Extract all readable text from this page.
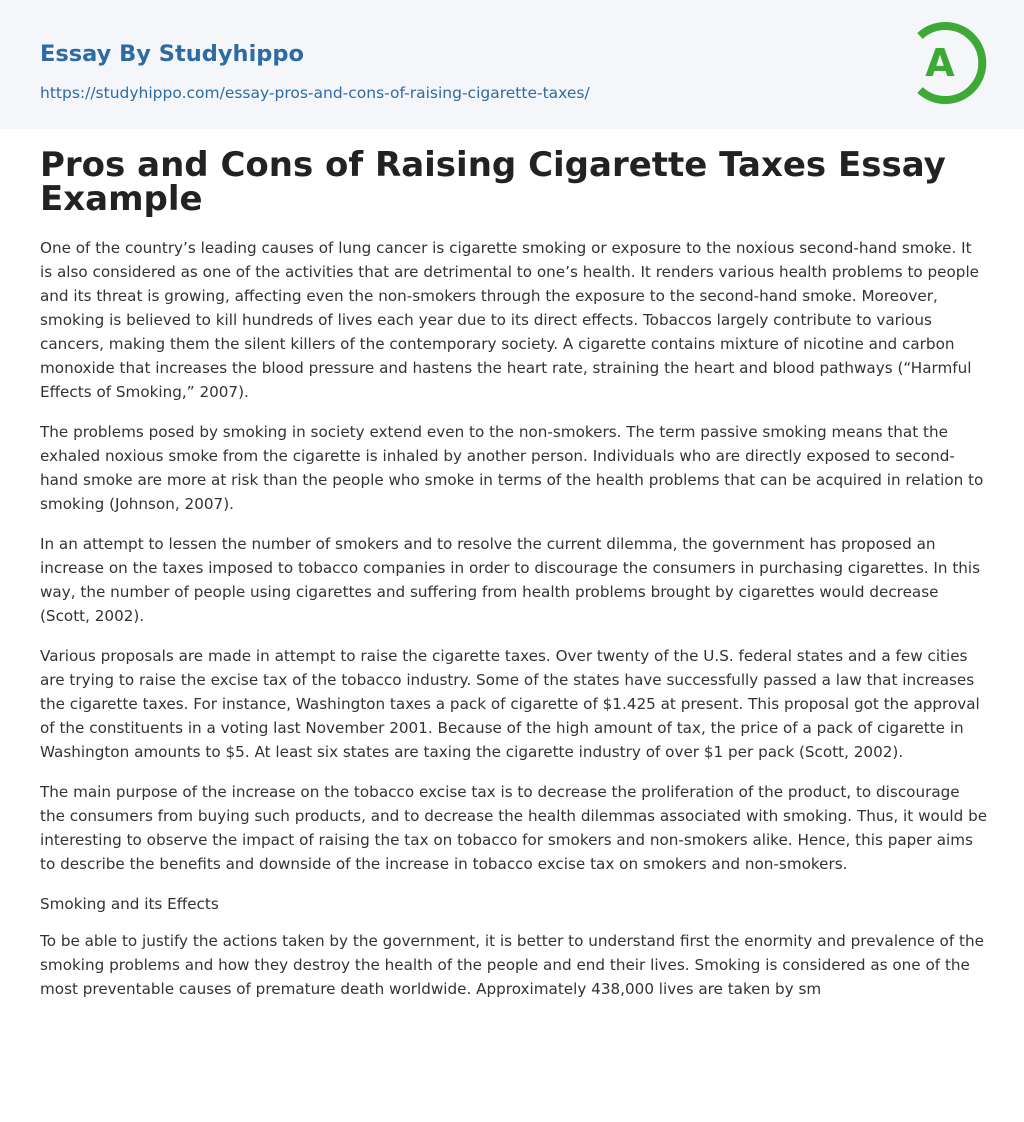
Essay By Studyhippo
https://studyhippo.com/essay-pros-and-cons-of-raising-cigarette-taxes/
A
Pros and Cons of Raising Cigarette Taxes Essay Example

One of the country’s leading causes of lung cancer is cigarette smoking or exposure to the noxious second-hand smoke. It is also considered as one of the activities that are detrimental to one’s health. It renders various health problems to people and its threat is growing, affecting even the non-smokers through the exposure to the second-hand smoke. Moreover, smoking is believed to kill hundreds of lives each year due to its direct effects. Tobaccos largely contribute to various cancers, making them the silent killers of the contemporary society. A cigarette contains mixture of nicotine and carbon monoxide that increases the blood pressure and hastens the heart rate, straining the heart and blood pathways (“Harmful Effects of Smoking,” 2007).

The problems posed by smoking in society extend even to the non-smokers. The term passive smoking means that the exhaled noxious smoke from the cigarette is inhaled by another person. Individuals who are directly exposed to second-hand smoke are more at risk than the people who smoke in terms of the health problems that can be acquired in relation to smoking (Johnson, 2007).

In an attempt to lessen the number of smokers and to resolve the current dilemma, the government has proposed an increase on the taxes imposed to tobacco companies in order to discourage the consumers in purchasing cigarettes. In this way, the number of people using cigarettes and suffering from health problems brought by cigarettes would decrease (Scott, 2002).

Various proposals are made in attempt to raise the cigarette taxes. Over twenty of the U.S. federal states and a few cities are trying to raise the excise tax of the tobacco industry. Some of the states have successfully passed a law that increases the cigarette taxes. For instance, Washington taxes a pack of cigarette of $1.425 at present. This proposal got the approval of the constituents in a voting last November 2001. Because of the high amount of tax, the price of a pack of cigarette in Washington amounts to $5. At least six states are taxing the cigarette industry of over $1 per pack (Scott, 2002).

The main purpose of the increase on the tobacco excise tax is to decrease the proliferation of the product, to discourage the consumers from buying such products, and to decrease the health dilemmas associated with smoking. Thus, it would be interesting to observe the impact of raising the tax on tobacco for smokers and non-smokers alike. Hence, this paper aims to describe the benefits and downside of the increase in tobacco excise tax on smokers and non-smokers.

Smoking and its Effects

To be able to justify the actions taken by the government, it is better to understand first the enormity and prevalence of the smoking problems and how they destroy the health of the people and end their lives. Smoking is considered as one of the most preventable causes of premature death worldwide. Approximately 438,000 lives are taken by sm
